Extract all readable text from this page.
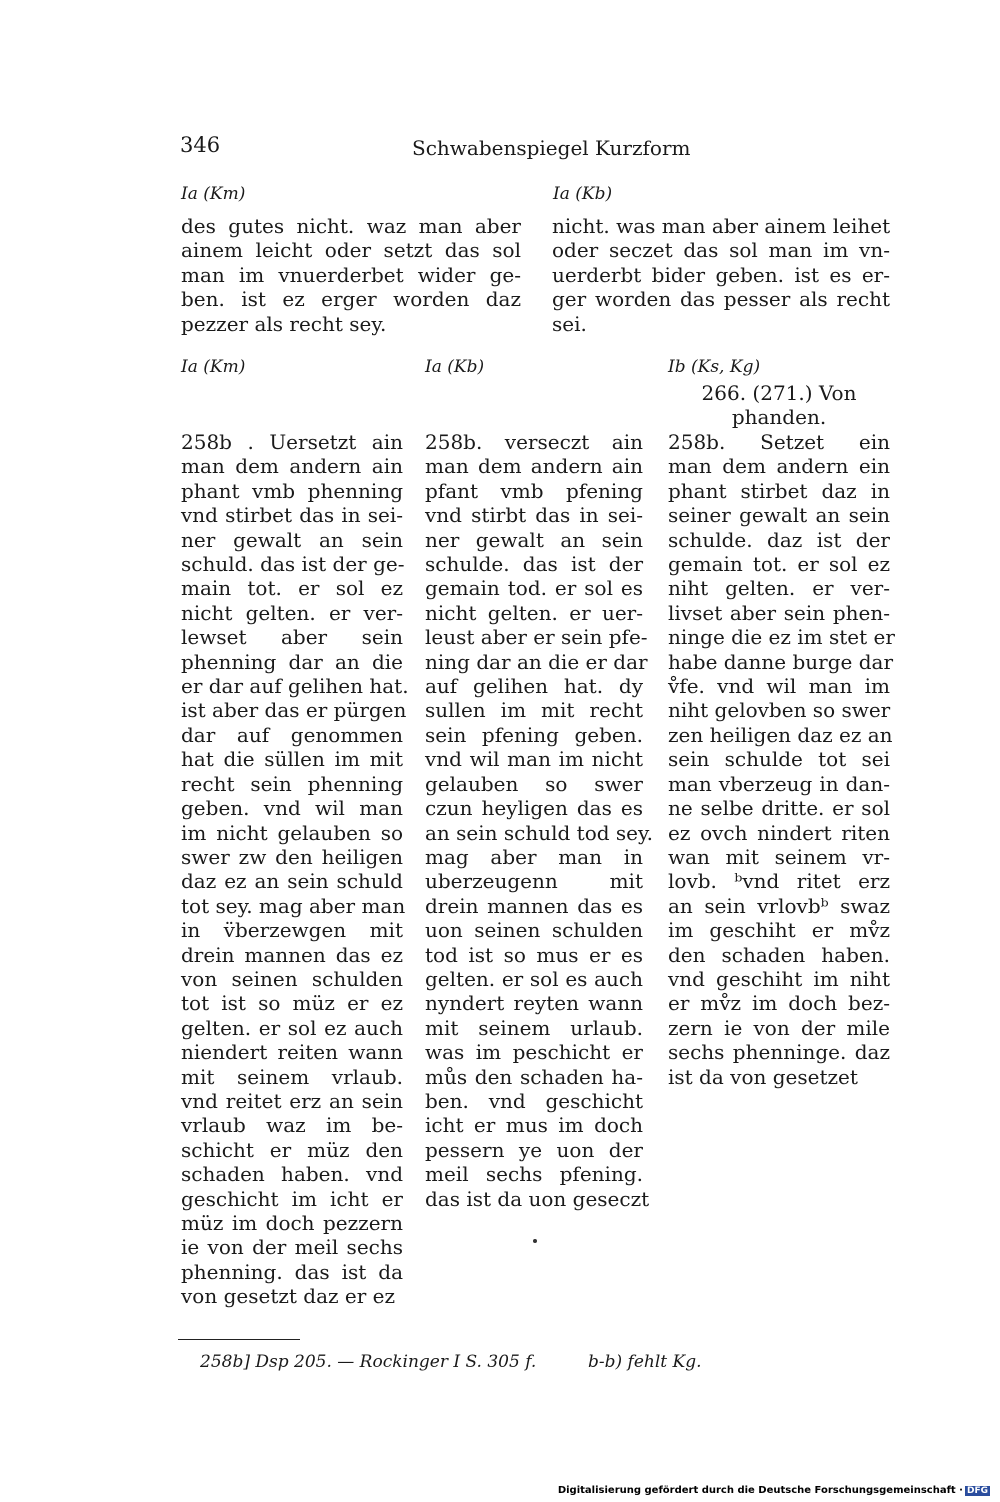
346	Schwabenspiegel Kurzform
Ia (Km)	Ia (Kb)
des gutes nicht. waz man aber
ainem leicht oder setzt das sol
man im vnuerderbet wider ge-
ben. ist ez erger worden daz
pezzer als recht sey.
nicht. was man aber ainem leihet
oder seczet das sol man im vn-
uerderbt bider geben. ist es er-
ger worden das pesser als recht
sei.
Ia (Km)	Ia (Kb)	Ib (Ks, Kg)
266. (271.) Von
phanden.
258b . Uersetzt ain
man dem andern ain
phant vmb phenning
vnd stirbet das in sei-
ner gewalt an sein
schuld. das ist der ge-
main tot. er sol ez
nicht gelten. er ver-
lewset aber sein
phenning dar an die
er dar auf gelihen hat.
ist aber das er pürgen
dar auf genommen
hat die süllen im mit
recht sein phenning
geben. vnd wil man
im nicht gelauben so
swer zw den heiligen
daz ez an sein schuld
tot sey. mag aber man
in v̈berzewgen mit
drein mannen das ez
von seinen schulden
tot ist so müz er ez
gelten. er sol ez auch
niendert reiten wann
mit seinem vrlaub.
vnd reitet erz an sein
vrlaub waz im be-
schicht er müz den
schaden haben. vnd
geschicht im icht er
müz im doch pezzern
ie von der meil sechs
phenning. das ist da
von gesetzt daz er ez
258b. verseczt ain
man dem andern ain
pfant vmb pfening
vnd stirbt das in sei-
ner gewalt an sein
schulde. das ist der
gemain tod. er sol es
nicht gelten. er uer-
leust aber er sein pfe-
ning dar an die er dar
auf gelihen hat. dy
sullen im mit recht
sein pfening geben.
vnd wil man im nicht
gelauben so swer
czun heyligen das es
an sein schuld tod sey.
mag aber man in
uberzeugenn mit
drein mannen das es
uon seinen schulden
tod ist so mus er es
gelten. er sol es auch
nyndert reyten wann
mit seinem urlaub.
was im peschicht er
můs den schaden ha-
ben. vnd geschicht
icht er mus im doch
pessern ye uon der
meil sechs pfening.
das ist da uon geseczt
258b. Setzet ein
man dem andern ein
phant stirbet daz in
seiner gewalt an sein
schulde. daz ist der
gemain tot. er sol ez
niht gelten. er ver-
livset aber sein phen-
ninge die ez im stet er
habe danne burge dar
v̊fe. vnd wil man im
niht gelovben so swer
zen heiligen daz ez an
sein schulde tot sei
man vberzeug in dan-
ne selbe dritte. er sol
ez ovch nindert riten
wan mit seinem vr-
lovb. ᵇvnd ritet erz
an sein vrlovbᵇ swaz
im geschiht er mv̊z
den schaden haben.
vnd geschiht im niht
er mv̊z im doch bez-
zern ie von der mile
sechs phenninge. daz
ist da von gesetzet
258b] Dsp 205. — Rockinger I S. 305 f.	b-b) fehlt Kg.
Digitalisierung gefördert durch die Deutsche Forschungsgemeinschaft · DFG
